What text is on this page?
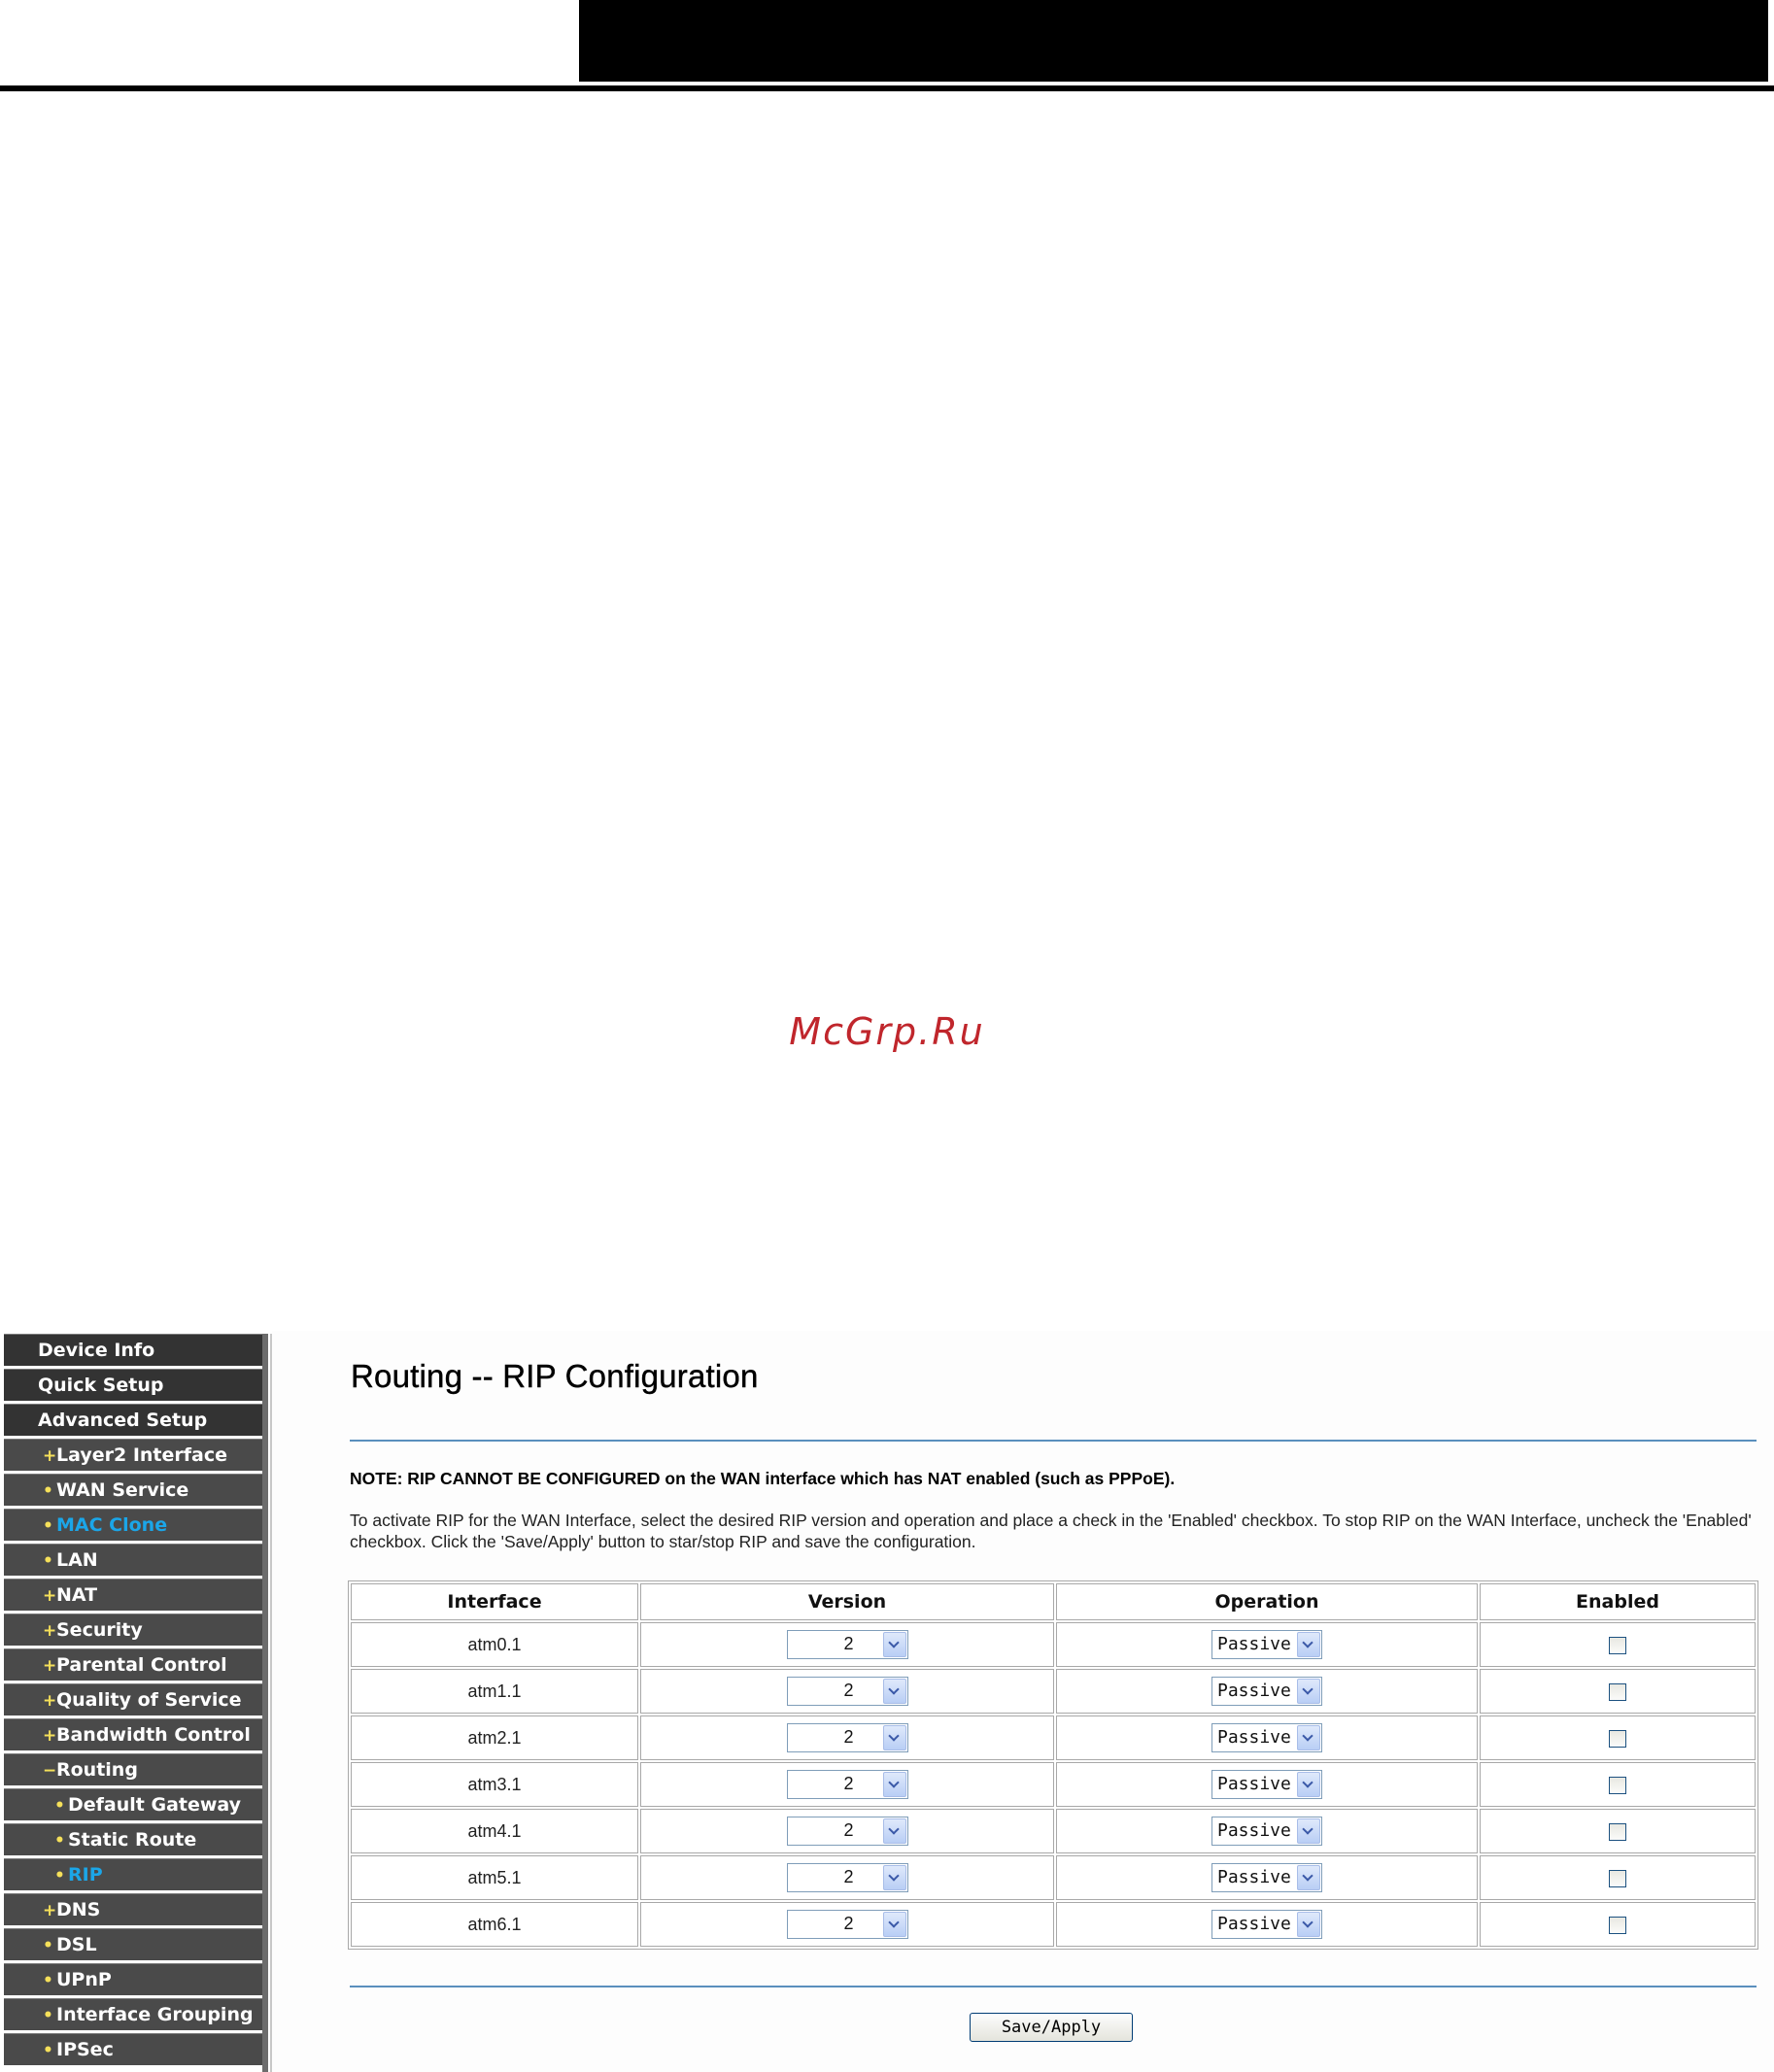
McGrp.Ru
Device Info
Quick Setup
Advanced Setup
+Layer2 Interface
• WAN Service
• MAC Clone
• LAN
+NAT
+Security
+Parental Control
+Quality of Service
+Bandwidth Control
−Routing
• Default Gateway
• Static Route
• RIP
+DNS
• DSL
• UPnP
• Interface Grouping
• IPSec
Routing -- RIP Configuration
NOTE: RIP CANNOT BE CONFIGURED on the WAN interface which has NAT enabled (such as PPPoE).
To activate RIP for the WAN Interface, select the desired RIP version and operation and place a check in the 'Enabled' checkbox. To stop RIP on the WAN Interface, uncheck the 'Enabled' checkbox. Click the 'Save/Apply' button to star/stop RIP and save the configuration.
Interface	Version	Operation	Enabled
atm0.1	2	Passive	

atm1.1	2	Passive	

atm2.1	2	Passive	

atm3.1	2	Passive	

atm4.1	2	Passive	

atm5.1	2	Passive	

atm6.1	2	Passive	

Save/Apply
